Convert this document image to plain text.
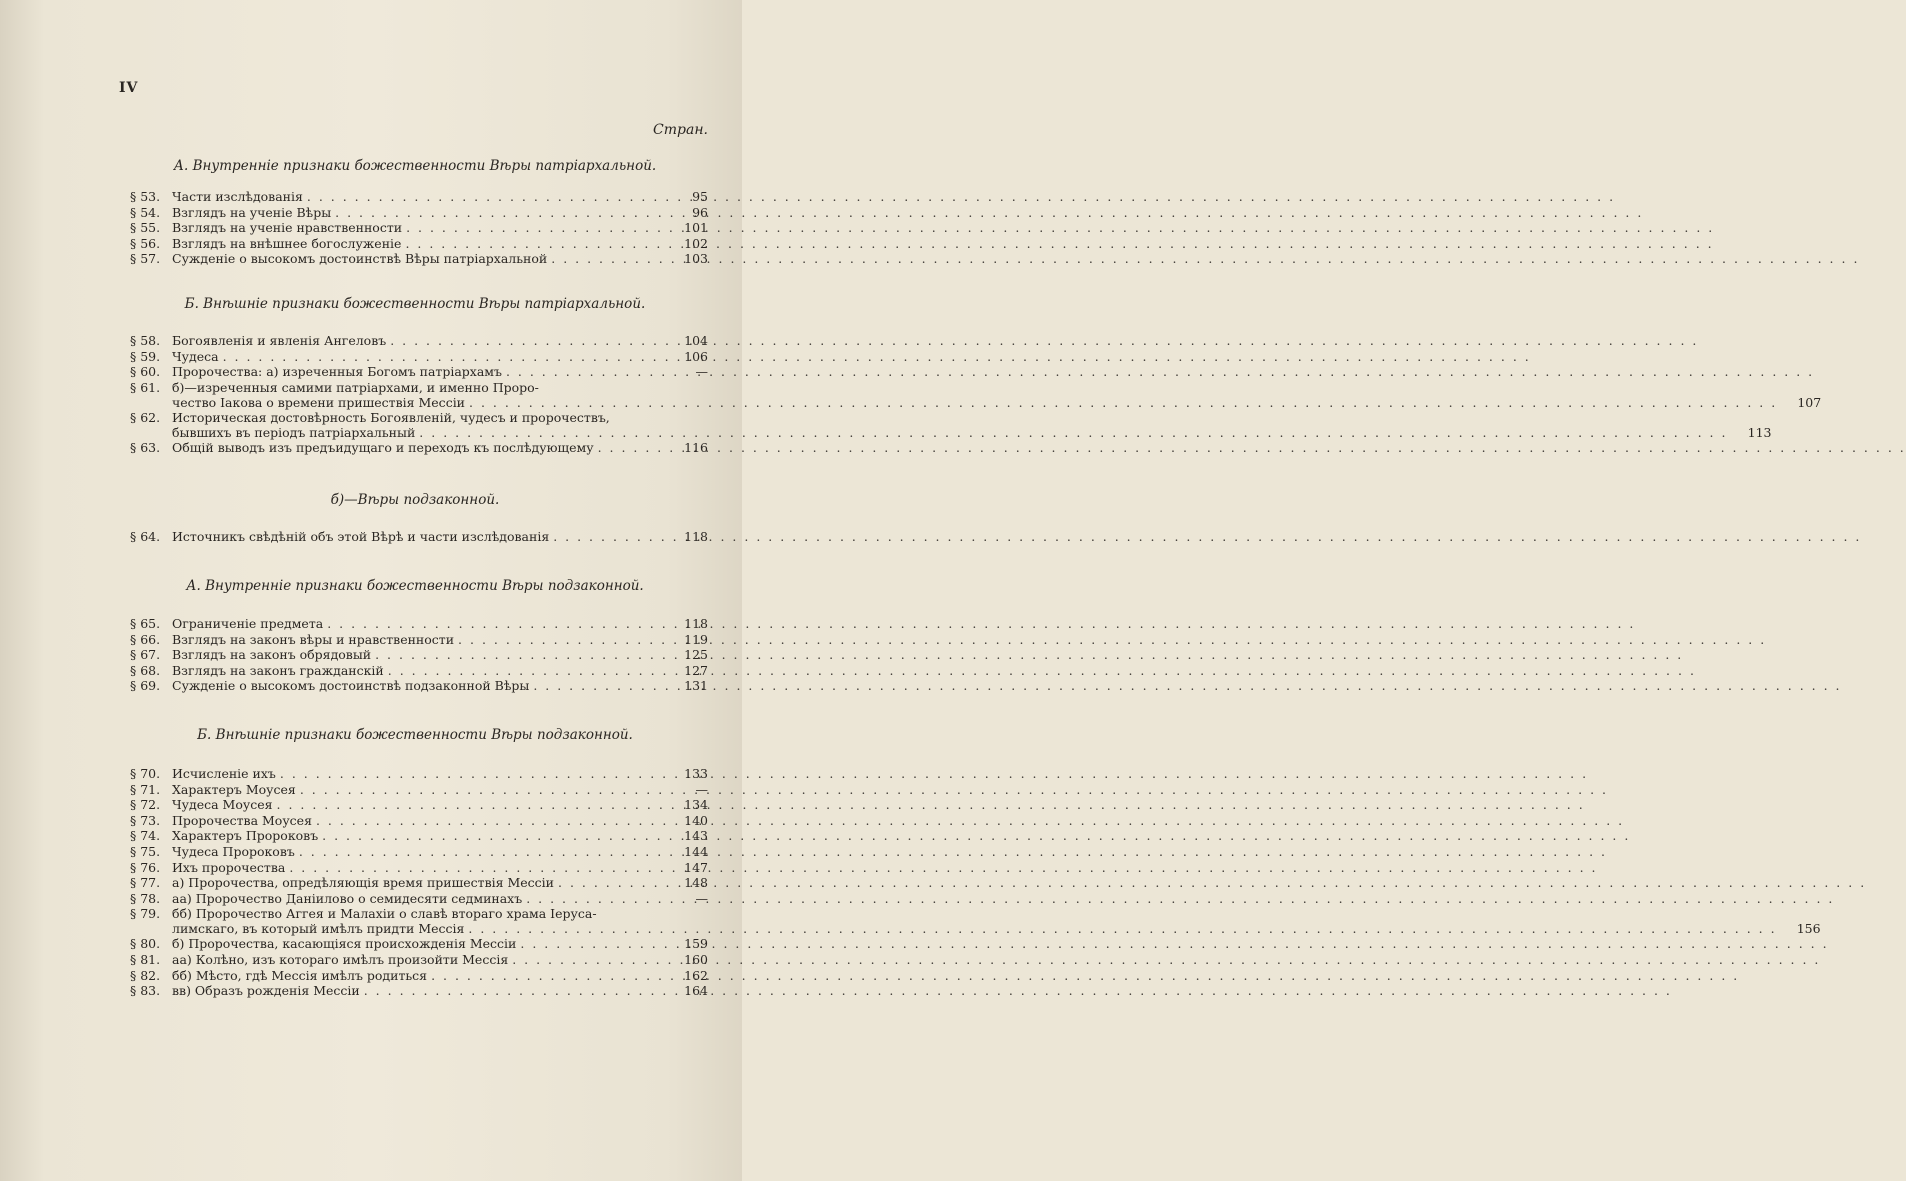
IV
Стран.
А. Внутреннiе признаки божественности Вѣры патрiархальной.
§ 53. Части изслѣдованія . . .	95
§ 54. Взглядъ на ученіе Вѣры . . .	96
§ 55. Взглядъ на ученіе нравственности . . .	101
§ 56. Взглядъ на внѣшнее богослуженіе . . .	102
§ 57. Сужденіе о высокомъ достоинствѣ Вѣры патріархальной . . .	103
Б. Внѣшнiе признаки божественности Вѣры патрiархальной.
§ 58. Богоявленія и явленія Ангеловъ . . .	104
§ 59. Чудеса . . .	106
§ 60. Пророчества: а) изреченныя Богомъ патріархамъ . . .	—
§ 61. б)—изреченныя самими патріархами, и именно Проро-
чество Іакова о времени пришествія Мессіи . . .	107
§ 62. Историческая достовѣрность Богоявленій, чудесъ и пророчествъ,
бывшихъ въ періодъ патріархальный . . .	113
§ 63. Общій выводъ изъ предъидущаго и переходъ къ послѣдующему . . .	116
б)—Вѣры подзаконной.
§ 64. Источникъ свѣдѣній объ этой Вѣрѣ и части изслѣдованія . . .	118
А. Внутреннiе признаки божественности Вѣры подзаконной.
§ 65. Ограниченіе предмета . . .	118
§ 66. Взглядъ на законъ вѣры и нравственности . . .	119
§ 67. Взглядъ на законъ обрядовый . . .	125
§ 68. Взглядъ на законъ гражданскій . . .	127
§ 69. Сужденіе о высокомъ достоинствѣ подзаконной Вѣры . . .	131
Б. Внѣшнiе признаки божественности Вѣры подзаконной.
§ 70. Исчисленіе ихъ . . .	133
§ 71. Характеръ Моусея . . .	—
§ 72. Чудеса Моусея . . .	134
§ 73. Пророчества Моусея . . .	140
§ 74. Характеръ Пророковъ . . .	143
§ 75. Чудеса Пророковъ . . .	144
§ 76. Ихъ пророчества . . .	147
§ 77. а) Пророчества, опредѣляющія время пришествія Мессіи . . .	148
§ 78. аа) Пророчество Даніилово о семидесяти седминахъ . . .	—
§ 79. бб) Пророчество Аггея и Малахіи о славѣ втораго храма Іеруса-
лимскаго, въ который имѣлъ придти Мессія . . .	156
§ 80. б) Пророчества, касающіяся происхожденія Мессіи . . .	159
§ 81. аа) Колѣно, изъ котораго имѣлъ произойти Мессія . . .	160
§ 82. бб) Мѣсто, гдѣ Мессія имѣлъ родиться . . .	162
§ 83. вв) Образъ рожденія Мессіи . . .	164
